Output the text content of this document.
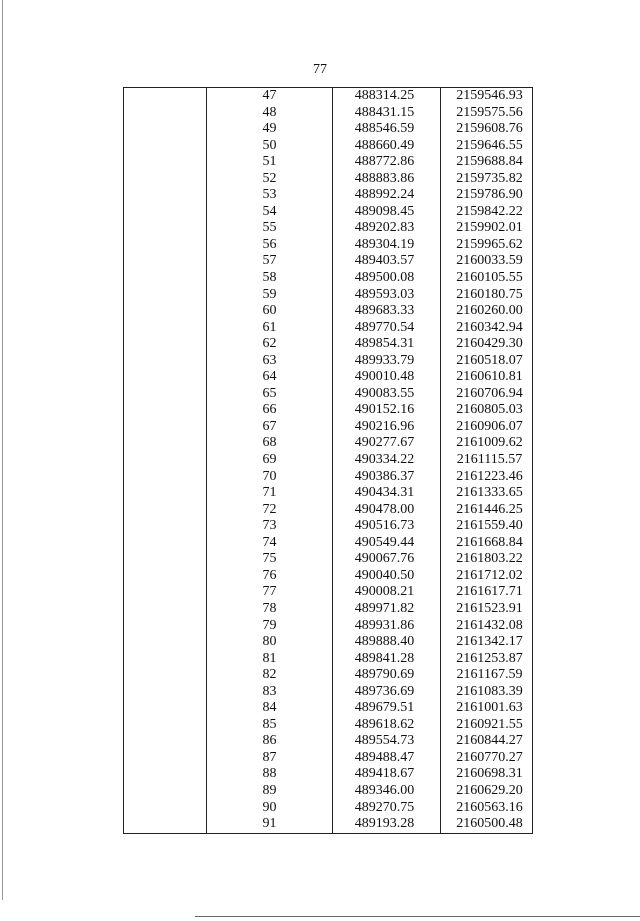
77
	47	488314.25	2159546.93
	48	488431.15	2159575.56
	49	488546.59	2159608.76
	50	488660.49	2159646.55
	51	488772.86	2159688.84
	52	488883.86	2159735.82
	53	488992.24	2159786.90
	54	489098.45	2159842.22
	55	489202.83	2159902.01
	56	489304.19	2159965.62
	57	489403.57	2160033.59
	58	489500.08	2160105.55
	59	489593.03	2160180.75
	60	489683.33	2160260.00
	61	489770.54	2160342.94
	62	489854.31	2160429.30
	63	489933.79	2160518.07
	64	490010.48	2160610.81
	65	490083.55	2160706.94
	66	490152.16	2160805.03
	67	490216.96	2160906.07
	68	490277.67	2161009.62
	69	490334.22	2161115.57
	70	490386.37	2161223.46
	71	490434.31	2161333.65
	72	490478.00	2161446.25
	73	490516.73	2161559.40
	74	490549.44	2161668.84
	75	490067.76	2161803.22
	76	490040.50	2161712.02
	77	490008.21	2161617.71
	78	489971.82	2161523.91
	79	489931.86	2161432.08
	80	489888.40	2161342.17
	81	489841.28	2161253.87
	82	489790.69	2161167.59
	83	489736.69	2161083.39
	84	489679.51	2161001.63
	85	489618.62	2160921.55
	86	489554.73	2160844.27
	87	489488.47	2160770.27
	88	489418.67	2160698.31
	89	489346.00	2160629.20
	90	489270.75	2160563.16
	91	489193.28	2160500.48
